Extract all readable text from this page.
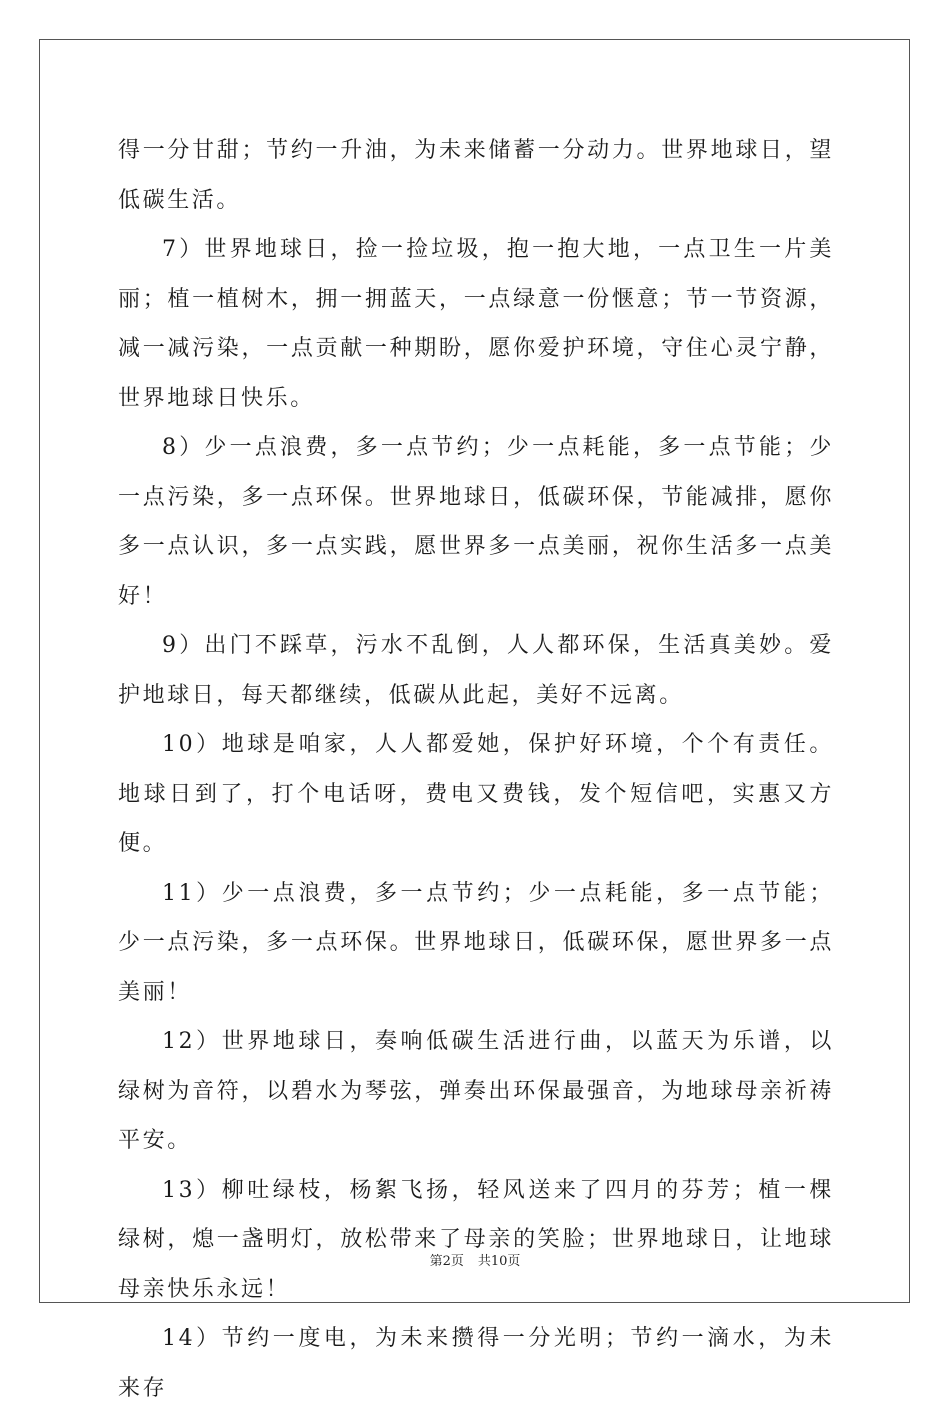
得一分甘甜；节约一升油，为未来储蓄一分动力。世界地球日，望低碳生活。

7）世界地球日，捡一捡垃圾，抱一抱大地，一点卫生一片美丽；植一植树木，拥一拥蓝天，一点绿意一份惬意；节一节资源，减一减污染，一点贡献一种期盼，愿你爱护环境，守住心灵宁静，世界地球日快乐。

8）少一点浪费，多一点节约；少一点耗能，多一点节能；少一点污染，多一点环保。世界地球日，低碳环保，节能减排，愿你多一点认识，多一点实践，愿世界多一点美丽，祝你生活多一点美好！

9）出门不踩草，污水不乱倒，人人都环保，生活真美妙。爱护地球日，每天都继续，低碳从此起，美好不远离。

10）地球是咱家，人人都爱她，保护好环境，个个有责任。地球日到了，打个电话呀，费电又费钱，发个短信吧，实惠又方便。

11）少一点浪费，多一点节约；少一点耗能，多一点节能；少一点污染，多一点环保。世界地球日，低碳环保，愿世界多一点美丽！

12）世界地球日，奏响低碳生活进行曲，以蓝天为乐谱，以绿树为音符，以碧水为琴弦，弹奏出环保最强音，为地球母亲祈祷平安。

13）柳吐绿枝，杨絮飞扬，轻风送来了四月的芬芳；植一棵绿树，熄一盏明灯，放松带来了母亲的笑脸；世界地球日，让地球母亲快乐永远！

14）节约一度电，为未来攒得一分光明；节约一滴水，为未来存

第2页 共10页
